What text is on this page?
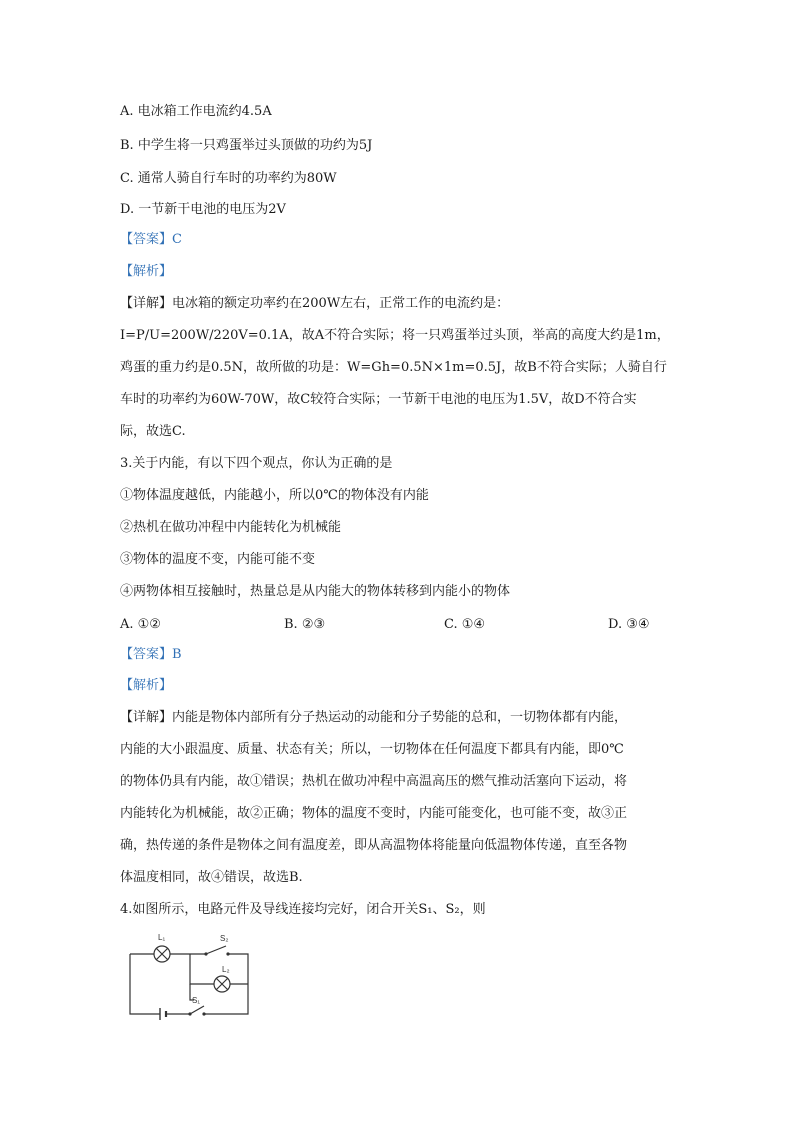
A. 电冰箱工作电流约4.5A
B. 中学生将一只鸡蛋举过头顶做的功约为5J
C. 通常人骑自行车时的功率约为80W
D. 一节新干电池的电压为2V
【答案】C
【解析】
【详解】电冰箱的额定功率约在200W左右，正常工作的电流约是：
I=P/U=200W/220V=0.1A，故A不符合实际；将一只鸡蛋举过头顶，举高的高度大约是1m，
鸡蛋的重力约是0.5N，故所做的功是：W=Gh=0.5N×1m=0.5J，故B不符合实际；人骑自行
车时的功率约为60W-70W，故C较符合实际；一节新干电池的电压为1.5V，故D不符合实
际，故选C.
3.关于内能，有以下四个观点，你认为正确的是
①物体温度越低，内能越小，所以0℃的物体没有内能
②热机在做功冲程中内能转化为机械能
③物体的温度不变，内能可能不变
④两物体相互接触时，热量总是从内能大的物体转移到内能小的物体
A. ①②	B. ②③	C. ①④	D. ③④
【答案】B
【解析】
【详解】内能是物体内部所有分子热运动的动能和分子势能的总和，一切物体都有内能，
内能的大小跟温度、质量、状态有关；所以，一切物体在任何温度下都具有内能，即0℃
的物体仍具有内能，故①错误；热机在做功冲程中高温高压的燃气推动活塞向下运动，将
内能转化为机械能，故②正确；物体的温度不变时，内能可能变化，也可能不变，故③正
确，热传递的条件是物体之间有温度差，即从高温物体将能量向低温物体传递，直至各物
体温度相同，故④错误，故选B.
4.如图所示，电路元件及导线连接均完好，闭合开关S₁、S₂，则
L₁
L₂
S₂
S₁
